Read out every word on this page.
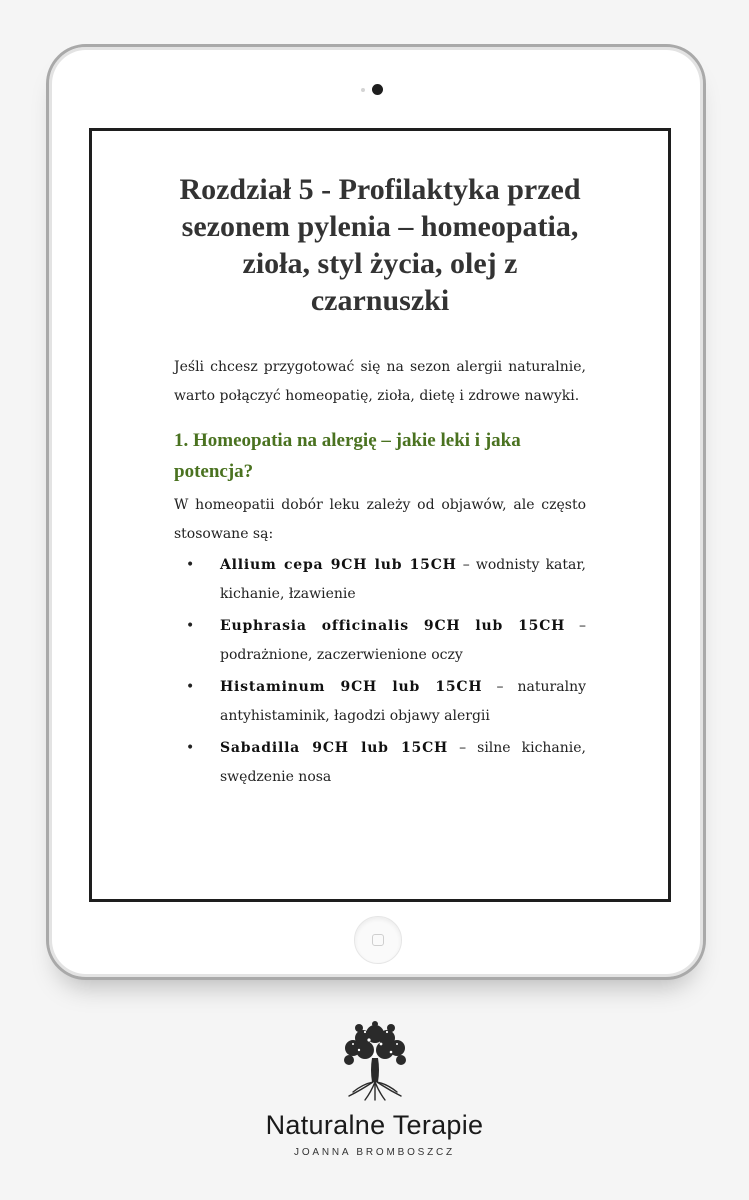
Rozdział 5 - Profilaktyka przed sezonem pylenia – homeopatia, zioła, styl życia, olej z czarnuszki

Jeśli chcesz przygotować się na sezon alergii naturalnie, warto połączyć homeopatię, zioła, dietę i zdrowe nawyki.

1. Homeopatia na alergię – jakie leki i jaka potencja?

W homeopatii dobór leku zależy od objawów, ale często stosowane są:

• Allium cepa 9CH lub 15CH – wodnisty katar, kichanie, łzawienie
• Euphrasia officinalis 9CH lub 15CH – podrażnione, zaczerwienione oczy
• Histaminum 9CH lub 15CH – naturalny antyhistaminik, łagodzi objawy alergii
• Sabadilla 9CH lub 15CH – silne kichanie, swędzenie nosa
Naturalne Terapie
JOANNA BROMBOSZCZ
